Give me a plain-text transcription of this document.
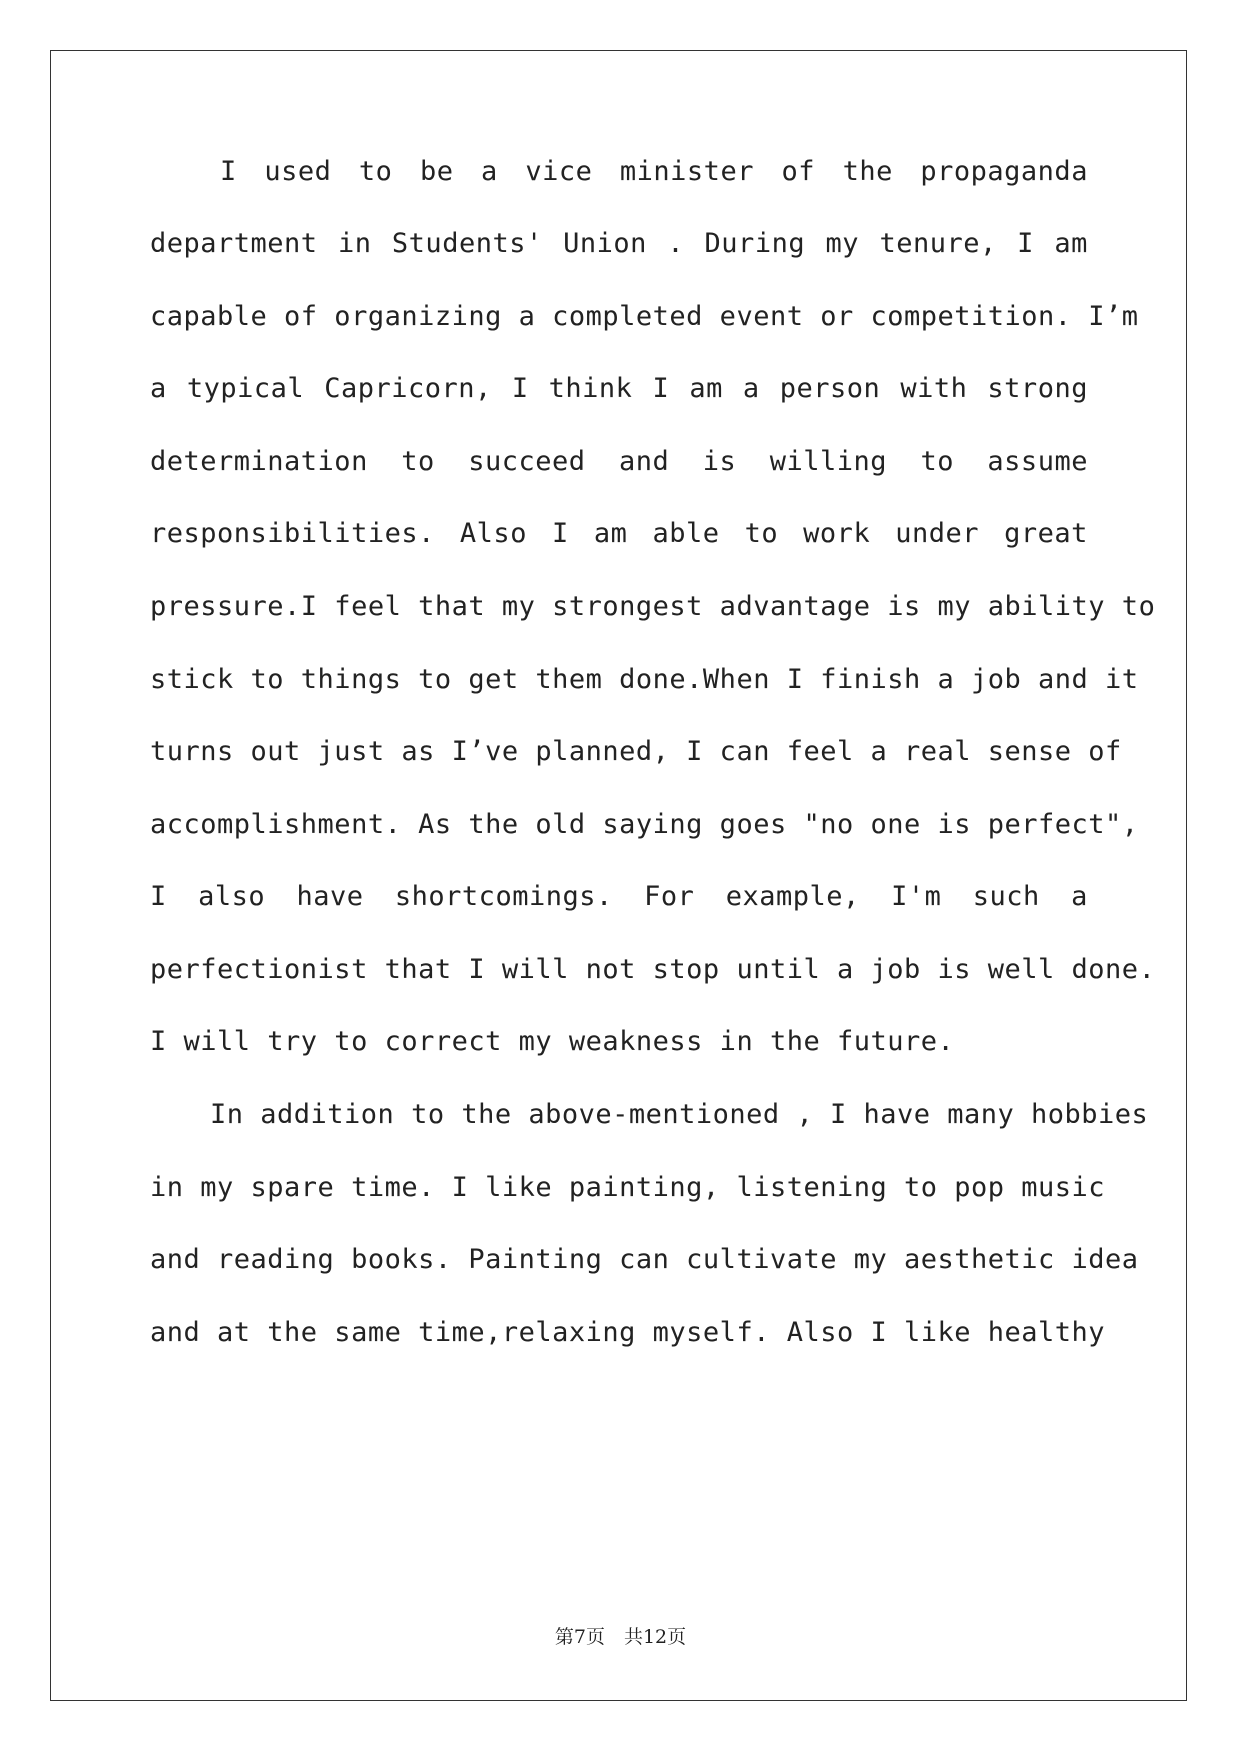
I used to be a vice minister of the propaganda
department in Students' Union . During my tenure, I am
capable of organizing a completed event or competition. I’m
a typical Capricorn, I think I am a person with strong
determination to succeed and is willing to assume
responsibilities. Also I am able to work under great
pressure.I feel that my strongest advantage is my ability to
stick to things to get them done.When I finish a job and it
turns out just as I’ve planned, I can feel a real sense of
accomplishment. As the old saying goes "no one is perfect",
I also have shortcomings. For example, I'm such a
perfectionist that I will not stop until a job is well done.
I will try to correct my weakness in the future.
In addition to the above-mentioned , I have many hobbies
in my spare time. I like painting, listening to pop music
and reading books. Painting can cultivate my aesthetic idea
and at the same time,relaxing myself. Also I like healthy
第7页　共12页
